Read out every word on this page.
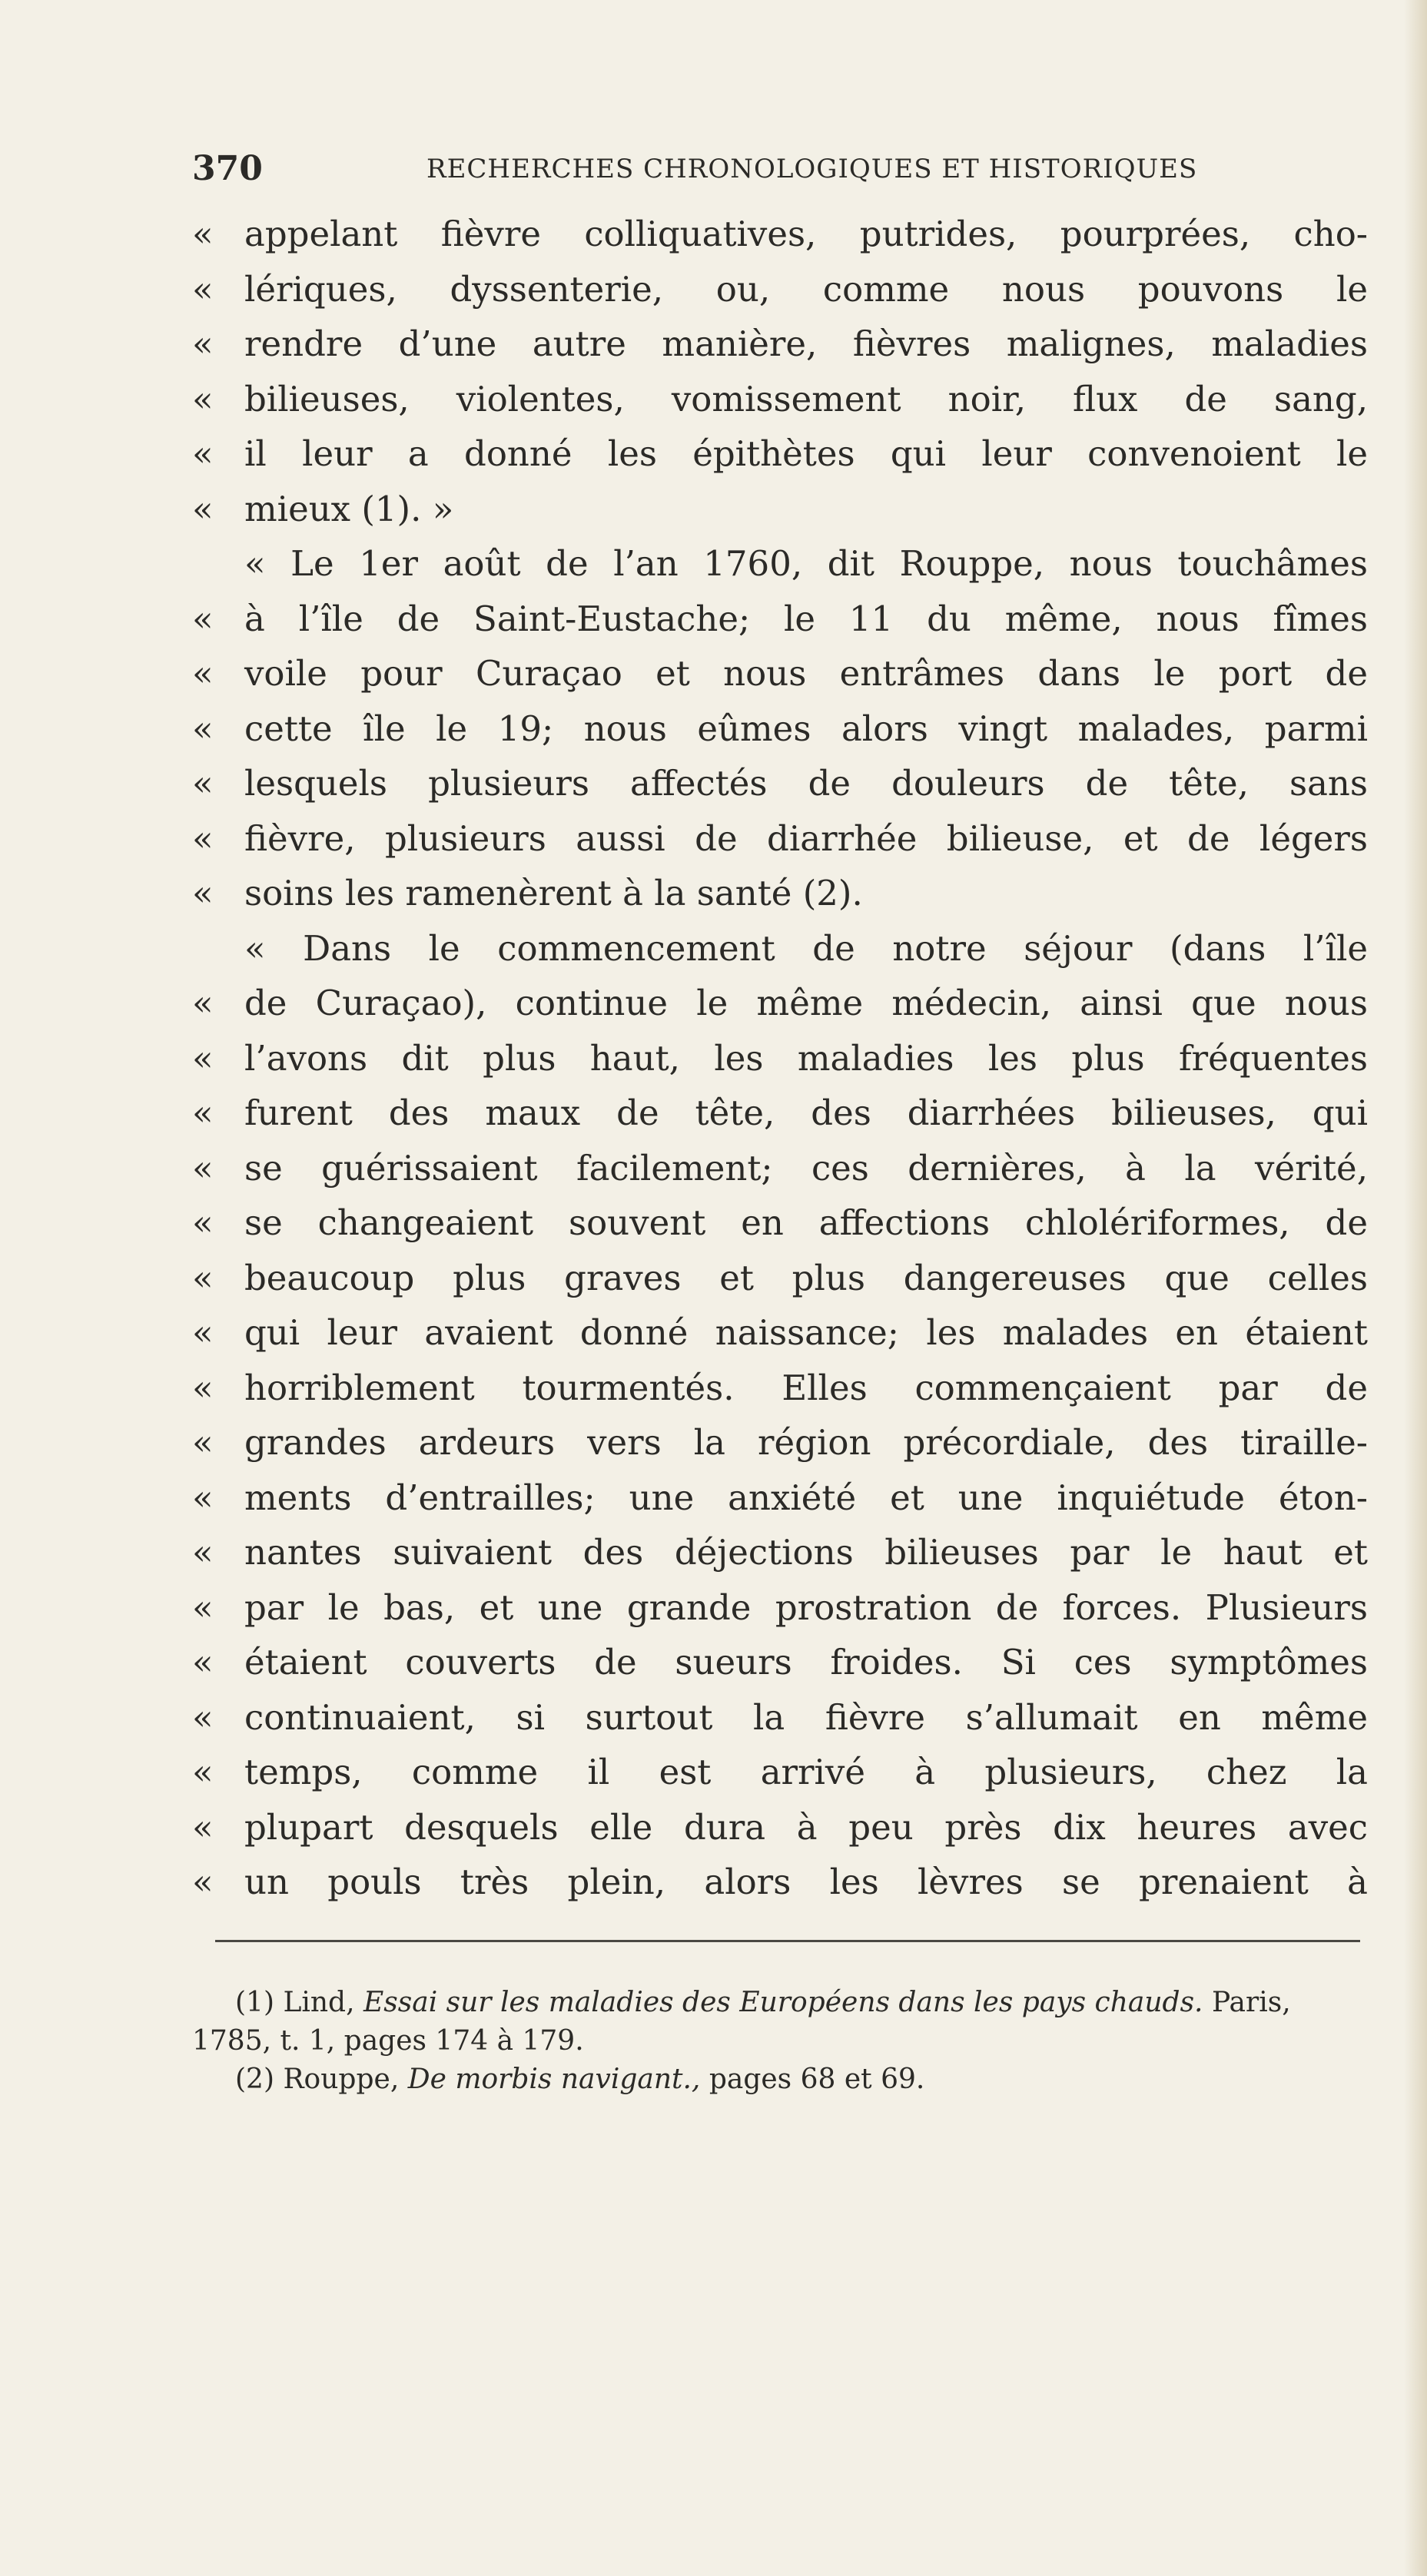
370	RECHERCHES CHRONOLOGIQUES ET HISTORIQUES
« appelant fièvre colliquatives, putrides, pourprées, cho-
« lériques, dyssenterie, ou, comme nous pouvons le
« rendre d’une autre manière, fièvres malignes, maladies
« bilieuses, violentes, vomissement noir, flux de sang,
« il leur a donné les épithètes qui leur convenoient le
« mieux (1). »
« Le 1er août de l’an 1760, dit Rouppe, nous touchâmes
« à l’île de Saint-Eustache; le 11 du même, nous fîmes
« voile pour Curaçao et nous entrâmes dans le port de
« cette île le 19; nous eûmes alors vingt malades, parmi
« lesquels plusieurs affectés de douleurs de tête, sans
« fièvre, plusieurs aussi de diarrhée bilieuse, et de légers
« soins les ramenèrent à la santé (2).
« Dans le commencement de notre séjour (dans l’île
« de Curaçao), continue le même médecin, ainsi que nous
« l’avons dit plus haut, les maladies les plus fréquentes
« furent des maux de tête, des diarrhées bilieuses, qui
« se guérissaient facilement; ces dernières, à la vérité,
« se changeaient souvent en affections chlolériformes, de
« beaucoup plus graves et plus dangereuses que celles
« qui leur avaient donné naissance; les malades en étaient
« horriblement tourmentés. Elles commençaient par de
« grandes ardeurs vers la région précordiale, des tiraille-
« ments d’entrailles; une anxiété et une inquiétude éton-
« nantes suivaient des déjections bilieuses par le haut et
« par le bas, et une grande prostration de forces. Plusieurs
« étaient couverts de sueurs froides. Si ces symptômes
« continuaient, si surtout la fièvre s’allumait en même
« temps, comme il est arrivé à plusieurs, chez la
« plupart desquels elle dura à peu près dix heures avec
« un pouls très plein, alors les lèvres se prenaient à
(1) Lind, Essai sur les maladies des Européens dans les pays chauds. Paris,
1785, t. 1, pages 174 à 179.
(2) Rouppe, De morbis navigant., pages 68 et 69.
